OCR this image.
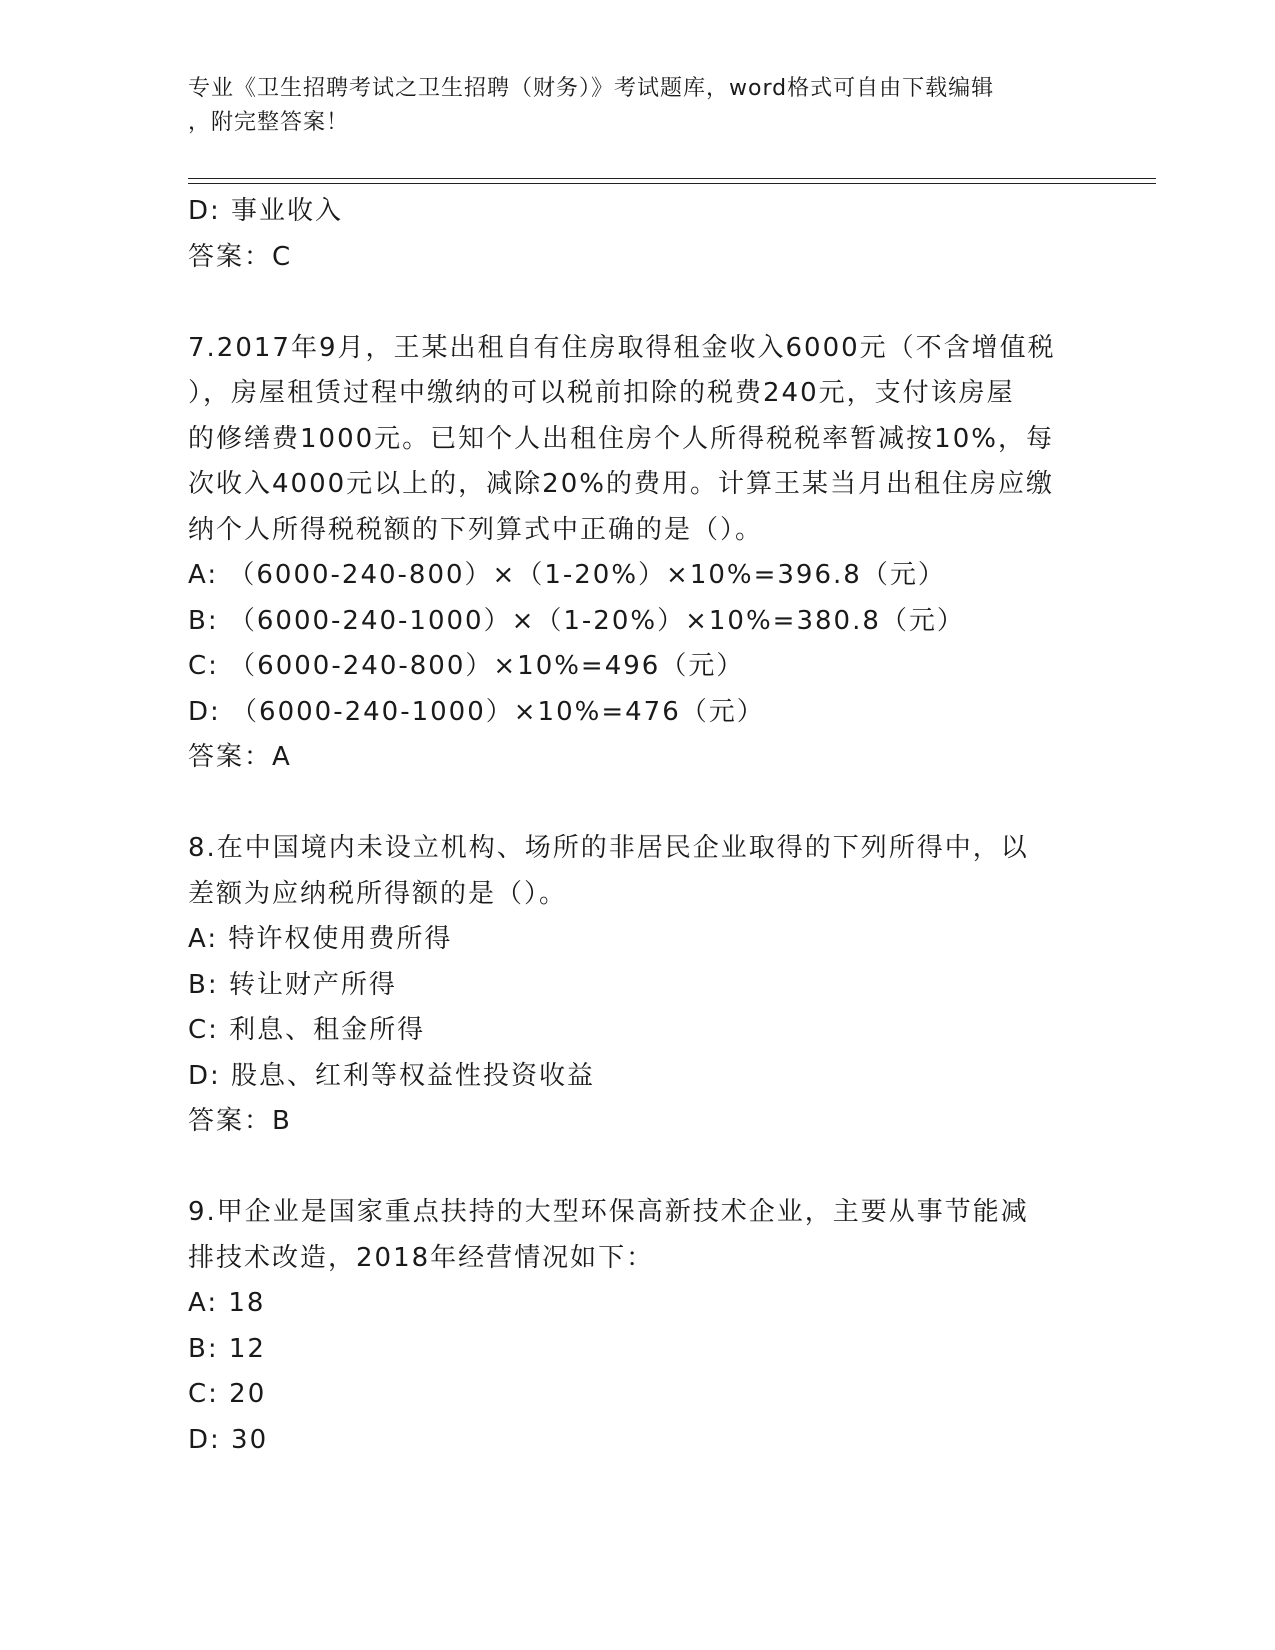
专业《卫生招聘考试之卫生招聘（财务）》考试题库，word格式可自由下载编辑
，附完整答案！
D: 事业收入
答案：C
7.2017年9月，王某出租自有住房取得租金收入6000元（不含增值税
），房屋租赁过程中缴纳的可以税前扣除的税费240元，支付该房屋
的修缮费1000元。已知个人出租住房个人所得税税率暂减按10%，每
次收入4000元以上的，减除20%的费用。计算王某当月出租住房应缴
纳个人所得税税额的下列算式中正确的是（）。
A: （6000-240-800）×（1-20%）×10%=396.8（元）
B: （6000-240-1000）×（1-20%）×10%=380.8（元）
C: （6000-240-800）×10%=496（元）
D: （6000-240-1000）×10%=476（元）
答案：A
8.在中国境内未设立机构、场所的非居民企业取得的下列所得中，以
差额为应纳税所得额的是（）。
A: 特许权使用费所得
B: 转让财产所得
C: 利息、租金所得
D: 股息、红利等权益性投资收益
答案：B
9.甲企业是国家重点扶持的大型环保高新技术企业，主要从事节能减
排技术改造，2018年经营情况如下：
A: 18
B: 12
C: 20
D: 30
